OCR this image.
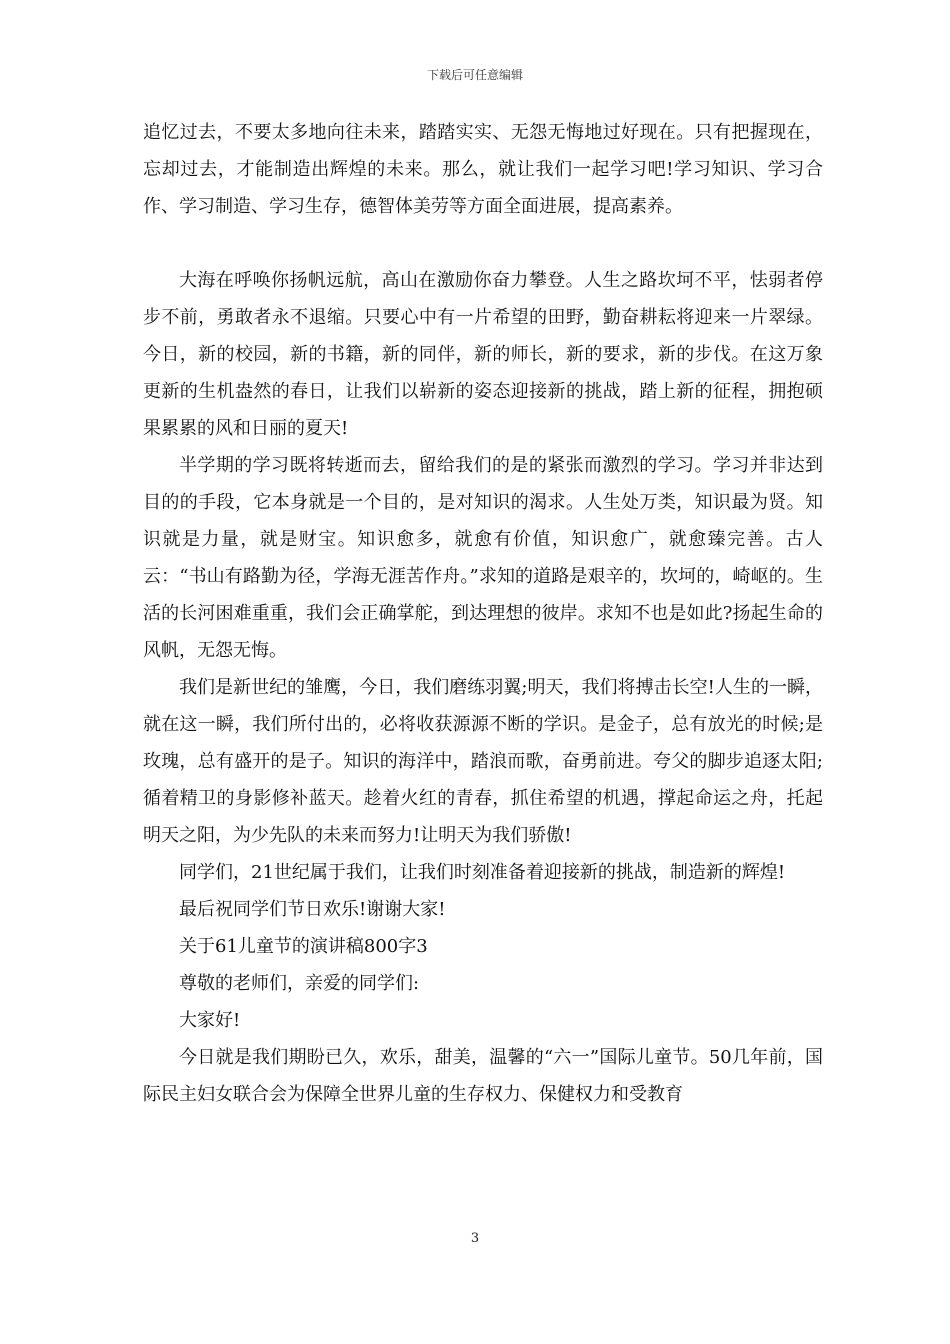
下载后可任意编辑

追忆过去，不要太多地向往未来，踏踏实实、无怨无悔地过好现在。只有把握现在，忘却过去，才能制造出辉煌的未来。那么，就让我们一起学习吧!学习知识、学习合作、学习制造、学习生存，德智体美劳等方面全面进展，提高素养。

大海在呼唤你扬帆远航，高山在激励你奋力攀登。人生之路坎坷不平，怯弱者停步不前，勇敢者永不退缩。只要心中有一片希望的田野，勤奋耕耘将迎来一片翠绿。今日，新的校园，新的书籍，新的同伴，新的师长，新的要求，新的步伐。在这万象更新的生机盎然的春日，让我们以崭新的姿态迎接新的挑战，踏上新的征程，拥抱硕果累累的风和日丽的夏天!

半学期的学习既将转逝而去，留给我们的是的紧张而激烈的学习。学习并非达到目的的手段，它本身就是一个目的，是对知识的渴求。人生处万类，知识最为贤。知识就是力量，就是财宝。知识愈多，就愈有价值，知识愈广，就愈臻完善。古人云：“书山有路勤为径，学海无涯苦作舟。”求知的道路是艰辛的，坎坷的，崎岖的。生活的长河困难重重，我们会正确掌舵，到达理想的彼岸。求知不也是如此?扬起生命的风帆，无怨无悔。

我们是新世纪的雏鹰，今日，我们磨练羽翼;明天，我们将搏击长空!人生的一瞬，就在这一瞬，我们所付出的，必将收获源源不断的学识。是金子，总有放光的时候;是玫瑰，总有盛开的是子。知识的海洋中，踏浪而歌，奋勇前进。夸父的脚步追逐太阳;循着精卫的身影修补蓝天。趁着火红的青春，抓住希望的机遇，撑起命运之舟，托起明天之阳，为少先队的未来而努力!让明天为我们骄傲!

同学们，21世纪属于我们，让我们时刻准备着迎接新的挑战，制造新的辉煌!

最后祝同学们节日欢乐!谢谢大家!

关于61儿童节的演讲稿800字3

尊敬的老师们，亲爱的同学们:

大家好!

今日就是我们期盼已久，欢乐，甜美，温馨的“六一”国际儿童节。50几年前，国际民主妇女联合会为保障全世界儿童的生存权力、保健权力和受教育

3
